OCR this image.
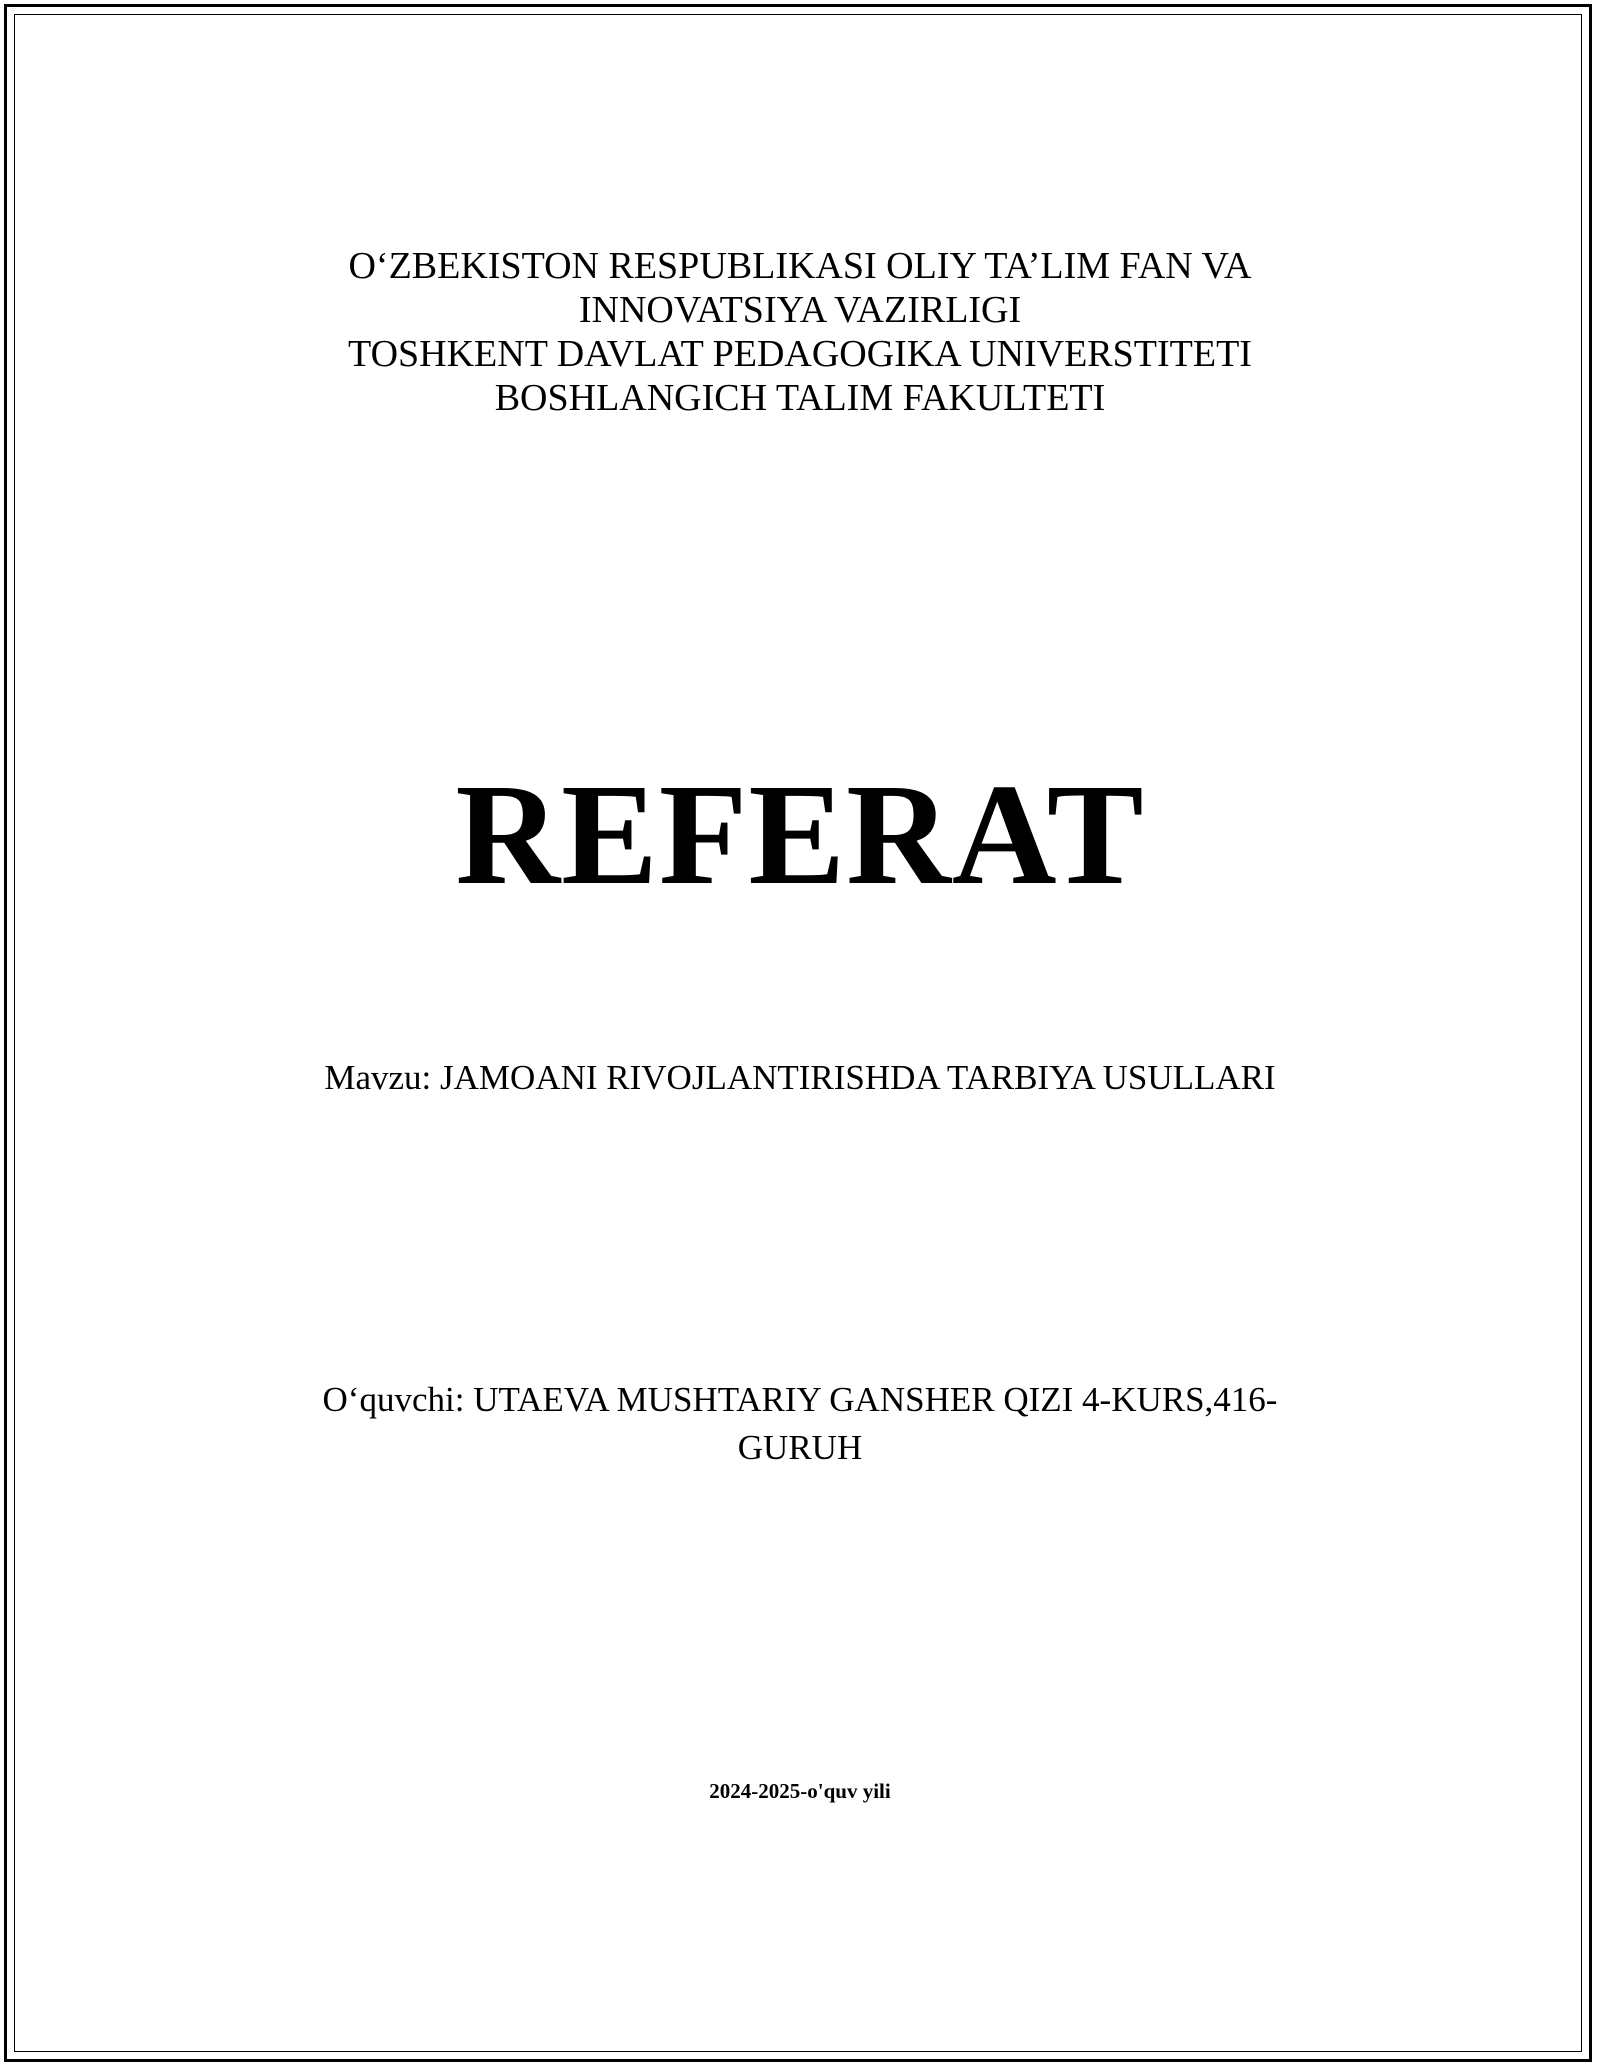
O‘ZBEKISTON RESPUBLIKASI OLIY TA’LIM FAN VA
INNOVATSIYA VAZIRLIGI
TOSHKENT DAVLAT PEDAGOGIKA UNIVERSTITETI
BOSHLANGICH TALIM FAKULTETI
REFERAT
Mavzu: JAMOANI RIVOJLANTIRISHDA TARBIYA USULLARI
O‘quvchi: UTAEVA MUSHTARIY GANSHER QIZI 4-KURS,416-
GURUH
2024-2025-o'quv yili
